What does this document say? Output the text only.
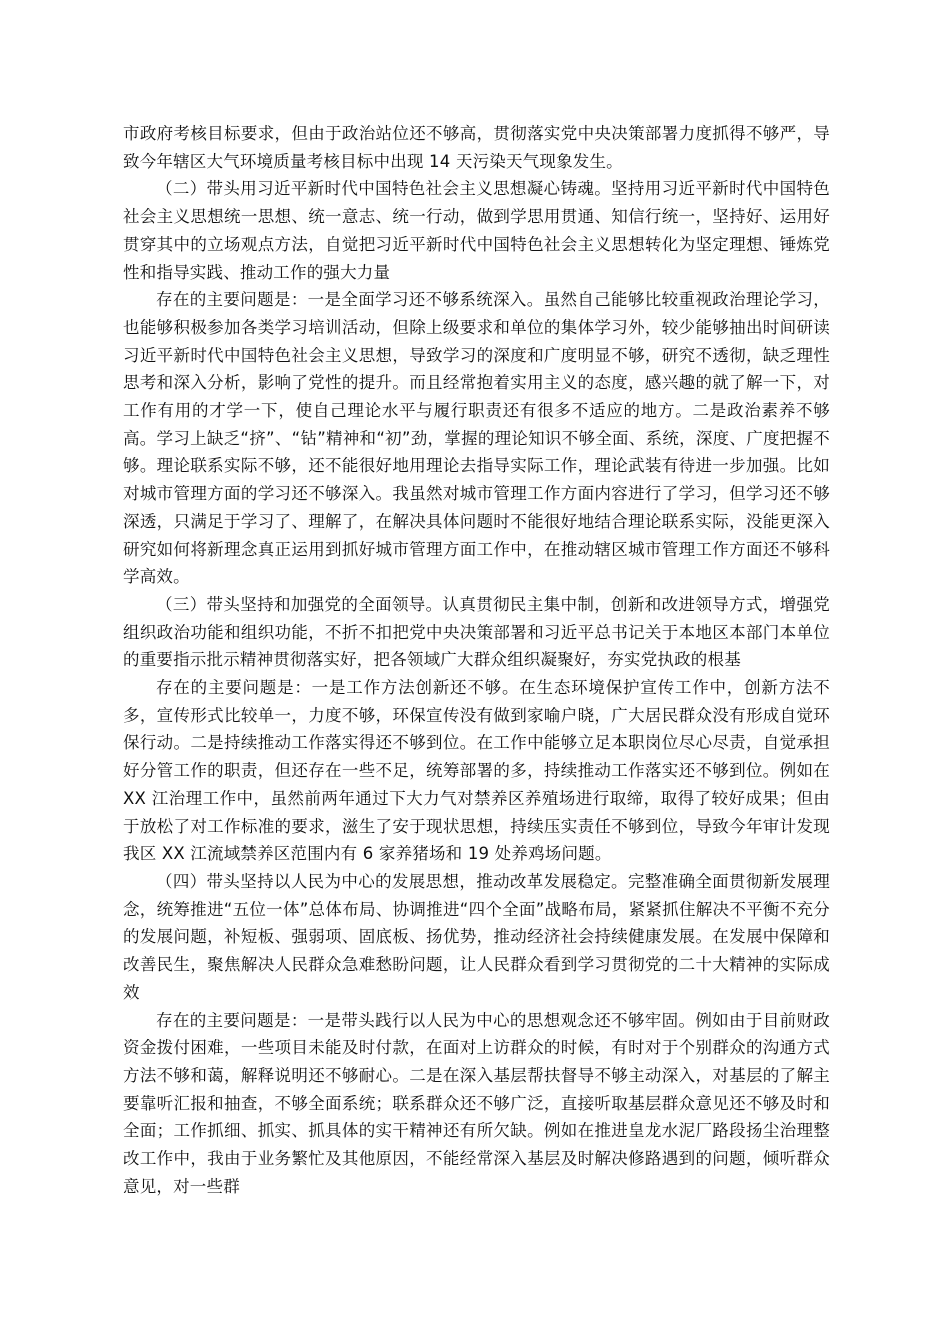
市政府考核目标要求，但由于政治站位还不够高，贯彻落实党中央决策部署力度抓得不够严，导致今年辖区大气环境质量考核目标中出现 14 天污染天气现象发生。

（二）带头用习近平新时代中国特色社会主义思想凝心铸魂。坚持用习近平新时代中国特色社会主义思想统一思想、统一意志、统一行动，做到学思用贯通、知信行统一，坚持好、运用好贯穿其中的立场观点方法，自觉把习近平新时代中国特色社会主义思想转化为坚定理想、锤炼党性和指导实践、推动工作的强大力量

存在的主要问题是：一是全面学习还不够系统深入。虽然自己能够比较重视政治理论学习，也能够积极参加各类学习培训活动，但除上级要求和单位的集体学习外，较少能够抽出时间研读习近平新时代中国特色社会主义思想，导致学习的深度和广度明显不够，研究不透彻，缺乏理性思考和深入分析，影响了党性的提升。而且经常抱着实用主义的态度，感兴趣的就了解一下，对工作有用的才学一下，使自己理论水平与履行职责还有很多不适应的地方。二是政治素养不够高。学习上缺乏“挤”、“钻”精神和“初”劲，掌握的理论知识不够全面、系统，深度、广度把握不够。理论联系实际不够，还不能很好地用理论去指导实际工作，理论武装有待进一步加强。比如对城市管理方面的学习还不够深入。我虽然对城市管理工作方面内容进行了学习，但学习还不够深透，只满足于学习了、理解了，在解决具体问题时不能很好地结合理论联系实际，没能更深入研究如何将新理念真正运用到抓好城市管理方面工作中，在推动辖区城市管理工作方面还不够科学高效。

（三）带头坚持和加强党的全面领导。认真贯彻民主集中制，创新和改进领导方式，增强党组织政治功能和组织功能，不折不扣把党中央决策部署和习近平总书记关于本地区本部门本单位的重要指示批示精神贯彻落实好，把各领域广大群众组织凝聚好，夯实党执政的根基

存在的主要问题是：一是工作方法创新还不够。在生态环境保护宣传工作中，创新方法不多，宣传形式比较单一，力度不够，环保宣传没有做到家喻户晓，广大居民群众没有形成自觉环保行动。二是持续推动工作落实得还不够到位。在工作中能够立足本职岗位尽心尽责，自觉承担好分管工作的职责，但还存在一些不足，统筹部署的多，持续推动工作落实还不够到位。例如在 XX 江治理工作中，虽然前两年通过下大力气对禁养区养殖场进行取缔，取得了较好成果；但由于放松了对工作标准的要求，滋生了安于现状思想，持续压实责任不够到位，导致今年审计发现我区 XX 江流域禁养区范围内有 6 家养猪场和 19 处养鸡场问题。

（四）带头坚持以人民为中心的发展思想，推动改革发展稳定。完整准确全面贯彻新发展理念，统筹推进“五位一体”总体布局、协调推进“四个全面”战略布局，紧紧抓住解决不平衡不充分的发展问题，补短板、强弱项、固底板、扬优势，推动经济社会持续健康发展。在发展中保障和改善民生，聚焦解决人民群众急难愁盼问题，让人民群众看到学习贯彻党的二十大精神的实际成效

存在的主要问题是：一是带头践行以人民为中心的思想观念还不够牢固。例如由于目前财政资金拨付困难，一些项目未能及时付款，在面对上访群众的时候，有时对于个别群众的沟通方式方法不够和蔼，解释说明还不够耐心。二是在深入基层帮扶督导不够主动深入，对基层的了解主要靠听汇报和抽查，不够全面系统；联系群众还不够广泛，直接听取基层群众意见还不够及时和全面；工作抓细、抓实、抓具体的实干精神还有所欠缺。例如在推进皇龙水泥厂路段扬尘治理整改工作中，我由于业务繁忙及其他原因，不能经常深入基层及时解决修路遇到的问题，倾听群众意见，对一些群
